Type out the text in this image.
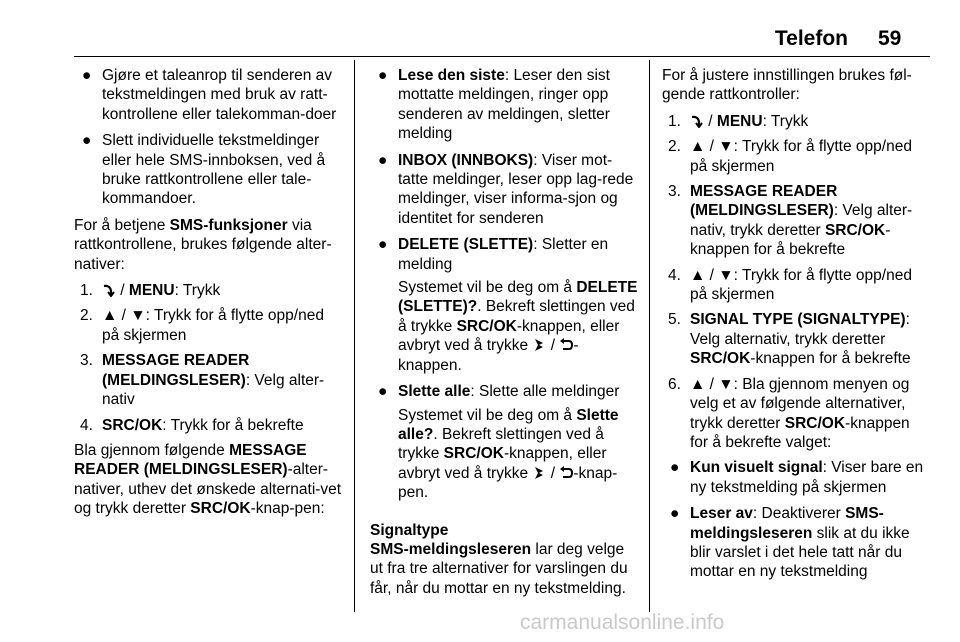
Telefon 59
● Gjøre et taleanrop til senderen av tekstmeldingen med bruk av ratt-kontrollene eller talekomman-doer
● Slett individuelle tekstmeldinger eller hele SMS-innboksen, ved å bruke rattkontrollene eller tale-kommandoer.
For å betjene SMS-funksjoner via rattkontrollene, brukes følgende alter-nativer:
1. / MENU: Trykk
2. ▲ / ▼: Trykk for å flytte opp/ned på skjermen
3. MESSAGE READER (MELDINGSLESER): Velg alter-nativ
4. SRC/OK: Trykk for å bekrefte
Bla gjennom følgende MESSAGE READER (MELDINGSLESER)-alter-nativer, uthev det ønskede alternati-vet og trykk deretter SRC/OK-knap-pen:
● Lese den siste: Leser den sist mottatte meldingen, ringer opp senderen av meldingen, sletter melding
● INBOX (INNBOKS): Viser mot-tatte meldinger, leser opp lag-rede meldinger, viser informa-sjon og identitet for senderen
● DELETE (SLETTE): Sletter en melding
Systemet vil be deg om å DELETE (SLETTE)?. Bekreft slettingen ved å trykke SRC/OK-knappen, eller avbryt ved å trykke
/
-knappen.
● Slette alle: Slette alle meldinger
Systemet vil be deg om å Slette alle?. Bekreft slettingen ved å trykke SRC/OK-knappen, eller avbryt ved å trykke
/
-knap-pen.
Signaltype
SMS-meldingsleseren lar deg velge ut fra tre alternativer for varslingen du får, når du mottar en ny tekstmelding.
For å justere innstillingen brukes føl-gende rattkontroller:
1. / MENU: Trykk
2. ▲ / ▼: Trykk for å flytte opp/ned på skjermen
3. MESSAGE READER (MELDINGSLESER): Velg alter-nativ, trykk deretter SRC/OK-knappen for å bekrefte
4. ▲ / ▼: Trykk for å flytte opp/ned på skjermen
5. SIGNAL TYPE (SIGNALTYPE): Velg alternativ, trykk deretter SRC/OK-knappen for å bekrefte
6. ▲ / ▼: Bla gjennom menyen og velg et av følgende alternativer, trykk deretter SRC/OK-knappen for å bekrefte valget:
● Kun visuelt signal: Viser bare en ny tekstmelding på skjermen
● Leser av: Deaktiverer SMS-meldingsleseren slik at du ikke blir varslet i det hele tatt når du mottar en ny tekstmelding
carmanualsonline.info
